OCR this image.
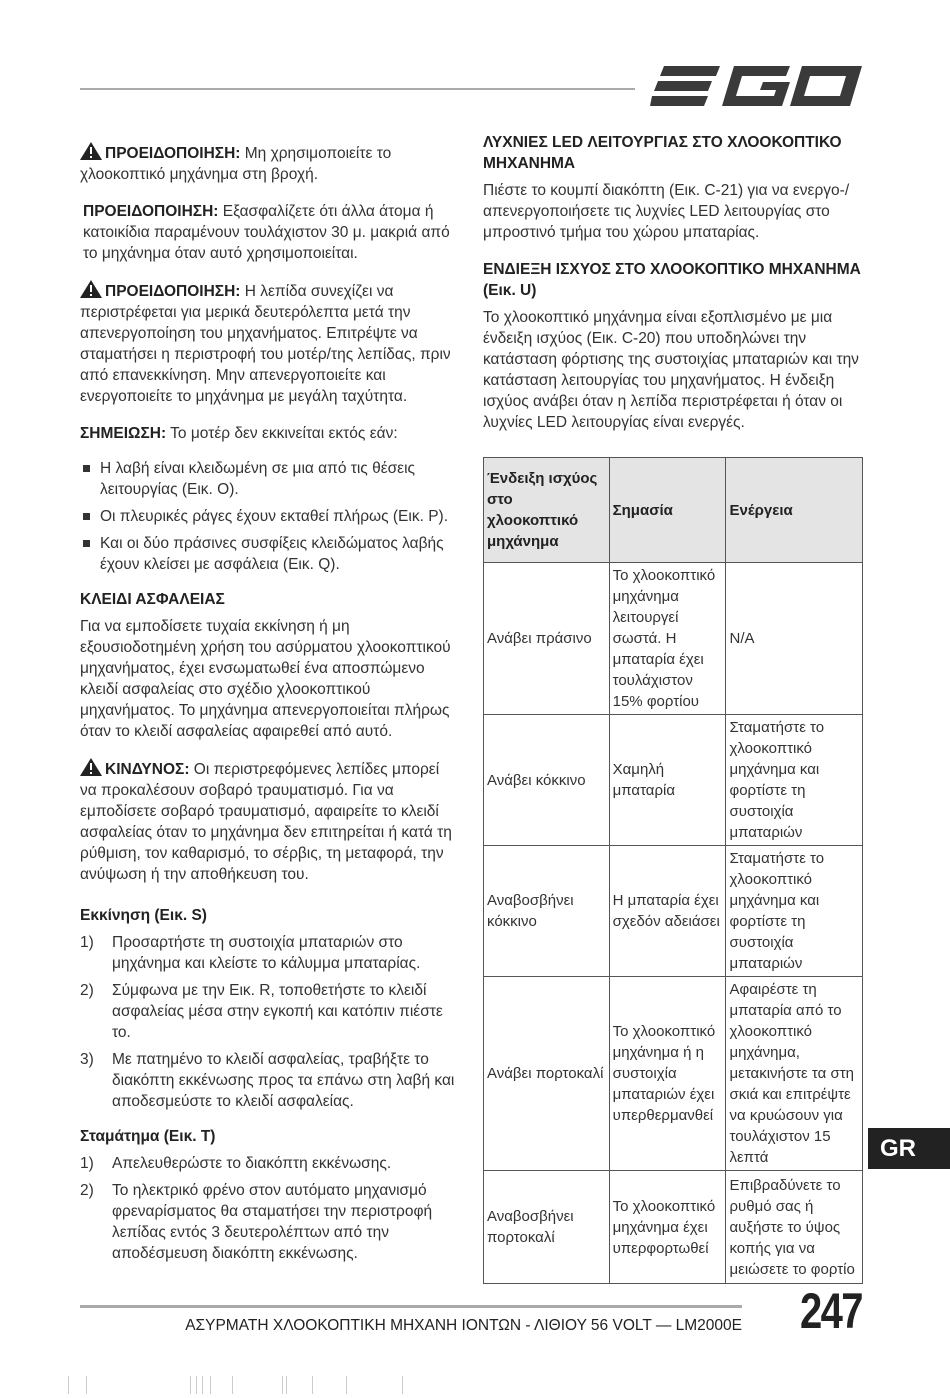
ΠΡΟΕΙΔΟΠΟΙΗΣΗ: Μη χρησιμοποιείτε το χλοοκοπτικό μηχάνημα στη βροχή.

ΠΡΟΕΙΔΟΠΟΙΗΣΗ: Εξασφαλίζετε ότι άλλα άτομα ή κατοικίδια παραμένουν τουλάχιστον 30 μ. μακριά από το μηχάνημα όταν αυτό χρησιμοποιείται.

ΠΡΟΕΙΔΟΠΟΙΗΣΗ: Η λεπίδα συνεχίζει να περιστρέφεται για μερικά δευτερόλεπτα μετά την απενεργοποίηση του μηχανήματος. Επιτρέψτε να σταματήσει η περιστροφή του μοτέρ/της λεπίδας, πριν από επανεκκίνηση. Μην απενεργοποιείτε και ενεργοποιείτε το μηχάνημα με μεγάλη ταχύτητα.

ΣΗΜΕΙΩΣΗ: Το μοτέρ δεν εκκινείται εκτός εάν:

Η λαβή είναι κλειδωμένη σε μια από τις θέσεις λειτουργίας (Εικ. O).
Οι πλευρικές ράγες έχουν εκταθεί πλήρως (Εικ. P).
Και οι δύο πράσινες συσφίξεις κλειδώματος λαβής έχουν κλείσει με ασφάλεια (Εικ. Q).
ΚΛΕΙΔΙ ΑΣΦΑΛΕΙΑΣ

Για να εμποδίσετε τυχαία εκκίνηση ή μη εξουσιοδοτημένη χρήση του ασύρματου χλοοκοπτικού μηχανήματος, έχει ενσωματωθεί ένα αποσπώμενο κλειδί ασφαλείας στο σχέδιο χλοοκοπτικού μηχανήματος. Το μηχάνημα απενεργοποιείται πλήρως όταν το κλειδί ασφαλείας αφαιρεθεί από αυτό.

ΚΙΝΔΥΝΟΣ: Οι περιστρεφόμενες λεπίδες μπορεί να προκαλέσουν σοβαρό τραυματισμό. Για να εμποδίσετε σοβαρό τραυματισμό, αφαιρείτε το κλειδί ασφαλείας όταν το μηχάνημα δεν επιτηρείται ή κατά τη ρύθμιση, τον καθαρισμό, το σέρβις, τη μεταφορά, την ανύψωση ή την αποθήκευση του.

Εκκίνηση (Εικ. S)
1) Προσαρτήστε τη συστοιχία μπαταριών στο μηχάνημα και κλείστε το κάλυμμα μπαταρίας.
2) Σύμφωνα με την Εικ. R, τοποθετήστε το κλειδί ασφαλείας μέσα στην εγκοπή και κατόπιν πιέστε το.
3) Με πατημένο το κλειδί ασφαλείας, τραβήξτε το διακόπτη εκκένωσης προς τα επάνω στη λαβή και αποδεσμεύστε το κλειδί ασφαλείας.
Σταμάτημα (Εικ. T)
1) Απελευθερώστε το διακόπτη εκκένωσης.
2) Το ηλεκτρικό φρένο στον αυτόματο μηχανισμό φρεναρίσματος θα σταματήσει την περιστροφή λεπίδας εντός 3 δευτερολέπτων από την αποδέσμευση διακόπτη εκκένωσης.
ΛΥΧΝΙΕΣ LED ΛΕΙΤΟΥΡΓΙΑΣ ΣΤΟ ΧΛΟΟΚΟΠΤΙΚΟ ΜΗΧΑΝΗΜΑ

Πιέστε το κουμπί διακόπτη (Εικ. C-21) για να ενεργο-/απενεργοποιήσετε τις λυχνίες LED λειτουργίας στο μπροστινό τμήμα του χώρου μπαταρίας.

ΕΝΔΙΕΞΗ ΙΣΧΥΟΣ ΣΤΟ ΧΛΟΟΚΟΠΤΙΚΟ ΜΗΧΑΝΗΜΑ (Εικ. U)

Το χλοοκοπτικό μηχάνημα είναι εξοπλισμένο με μια ένδειξη ισχύος (Εικ. C-20) που υποδηλώνει την κατάσταση φόρτισης της συστοιχίας μπαταριών και την κατάσταση λειτουργίας του μηχανήματος. Η ένδειξη ισχύος ανάβει όταν η λεπίδα περιστρέφεται ή όταν οι λυχνίες LED λειτουργίας είναι ενεργές.

Ένδειξη ισχύος στο χλοοκοπτικό μηχάνημα	Σημασία	Ενέργεια
Ανάβει πράσινο	Το χλοοκοπτικό μηχάνημα λειτουργεί σωστά. Η μπαταρία έχει τουλάχιστον 15% φορτίου	N/A
Ανάβει κόκκινο	Χαμηλή μπαταρία	Σταματήστε το χλοοκοπτικό μηχάνημα και φορτίστε τη συστοιχία μπαταριών
Αναβοσβήνει κόκκινο	Η μπαταρία έχει σχεδόν αδειάσει	Σταματήστε το χλοοκοπτικό μηχάνημα και φορτίστε τη συστοιχία μπαταριών
Ανάβει πορτοκαλί	Το χλοοκοπτικό μηχάνημα ή η συστοιχία μπαταριών έχει υπερθερμανθεί	Αφαιρέστε τη μπαταρία από το χλοοκοπτικό μηχάνημα, μετακινήστε τα στη σκιά και επιτρέψτε να κρυώσουν για τουλάχιστον 15 λεπτά
Αναβοσβήνει πορτοκαλί	Το χλοοκοπτικό μηχάνημα έχει υπερφορτωθεί	Επιβραδύνετε το ρυθμό σας ή αυξήστε το ύψος κοπής για να μειώσετε το φορτίο
GR
ΑΣΥΡΜΑΤΗ ΧΛΟΟΚΟΠΤΙΚΗ ΜΗΧΑΝΗ ΙΟΝΤΩΝ - ΛΙΘΙΟΥ 56 VOLT — LM2000E 247
